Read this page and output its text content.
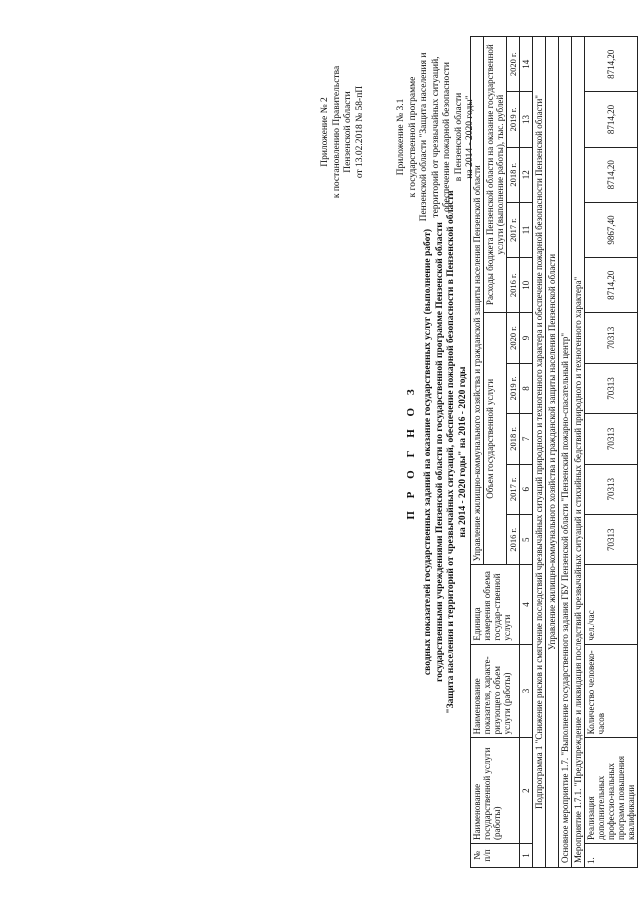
Приложение № 2 к постановлению Правительства Пензенской области от 13.02.2018 № 58-пП	Приложение № 3.1 к государственной программе Пензенской области "Защита населения и территорий от чрезвычайных ситуаций, обеспечение пожарной безопасности в Пензенской области на 2014 - 2020 годы"
П Р О Г Н О З сводных показателей государственных заданий на оказание государственных услуг (выполнение работ) государственными учреждениями Пензенской области по государственной программе Пензенской области "Защита населения и территорий от чрезвычайных ситуаций, обеспечение пожарной безопасности в Пензенской области на 2014 - 2020 годы" на 2016 - 2020 годы
№ п/п	Наименование государственной услуги (работы)	Наименование показателя, характе-ризующего объем услуги (работы)	Единица измерения объема государ-ственной услуги	Управление жилищно-коммунального хозяйства и гражданской защиты населения Пензенской области									
				Объем государственной услуги					Расходы бюджета Пензенской области на оказание государственной услуги (выполнение работы), тыс. рублей				
				2016 г.	2017 г.	2018 г.	2019 г.	2020 г.	2016 г.	2017 г.	2018 г.	2019 г.	2020 г.
1	2	3	4	5	6	7	8	9	10	11	12	13	14
Подпрограмма 1 "Снижение рисков и смягчение последствий чрезвычайных ситуаций природного и техногенного характера и обеспечение пожарной безопасности Пензенской области"													
Управление жилищно-коммунального хозяйства и гражданской защиты населения Пензенской области													
Основное мероприятие 1.7. "Выполнение государственного задания ГБУ Пензенской области "Пензенский пожарно-спасательный центр"													
Мероприятие 1.7.1. "Предупреждение и ликвидация последствий чрезвычайных ситуаций и стихийных бедствий природного и техногенного характера"													
1.	Реализация дополнительных профессио-нальных программ повышения квалификации	Количество человеко-часов	чел./час	70313	70313	70313	70313	70313	8714,20	9867,40	8714,20	8714,20	8714,20
